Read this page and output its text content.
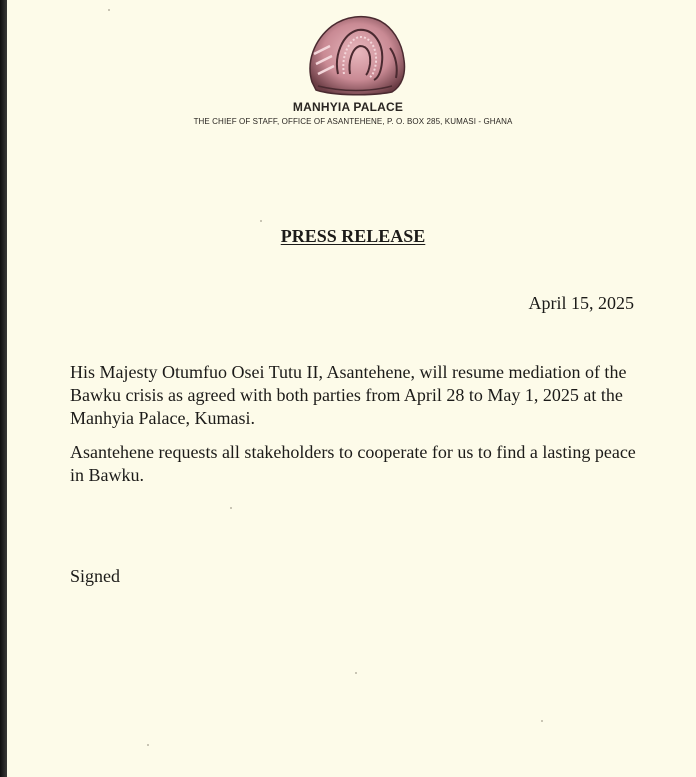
MANHYIA PALACE
THE CHIEF OF STAFF, OFFICE OF ASANTEHENE, P. O. BOX 285, KUMASI - GHANA
PRESS RELEASE
April 15, 2025

His Majesty Otumfuo Osei Tutu II, Asantehene, will resume mediation of the Bawku crisis as agreed with both parties from April 28 to May 1, 2025 at the Manhyia Palace, Kumasi.

Asantehene requests all stakeholders to cooperate for us to find a lasting peace in Bawku.

Signed
